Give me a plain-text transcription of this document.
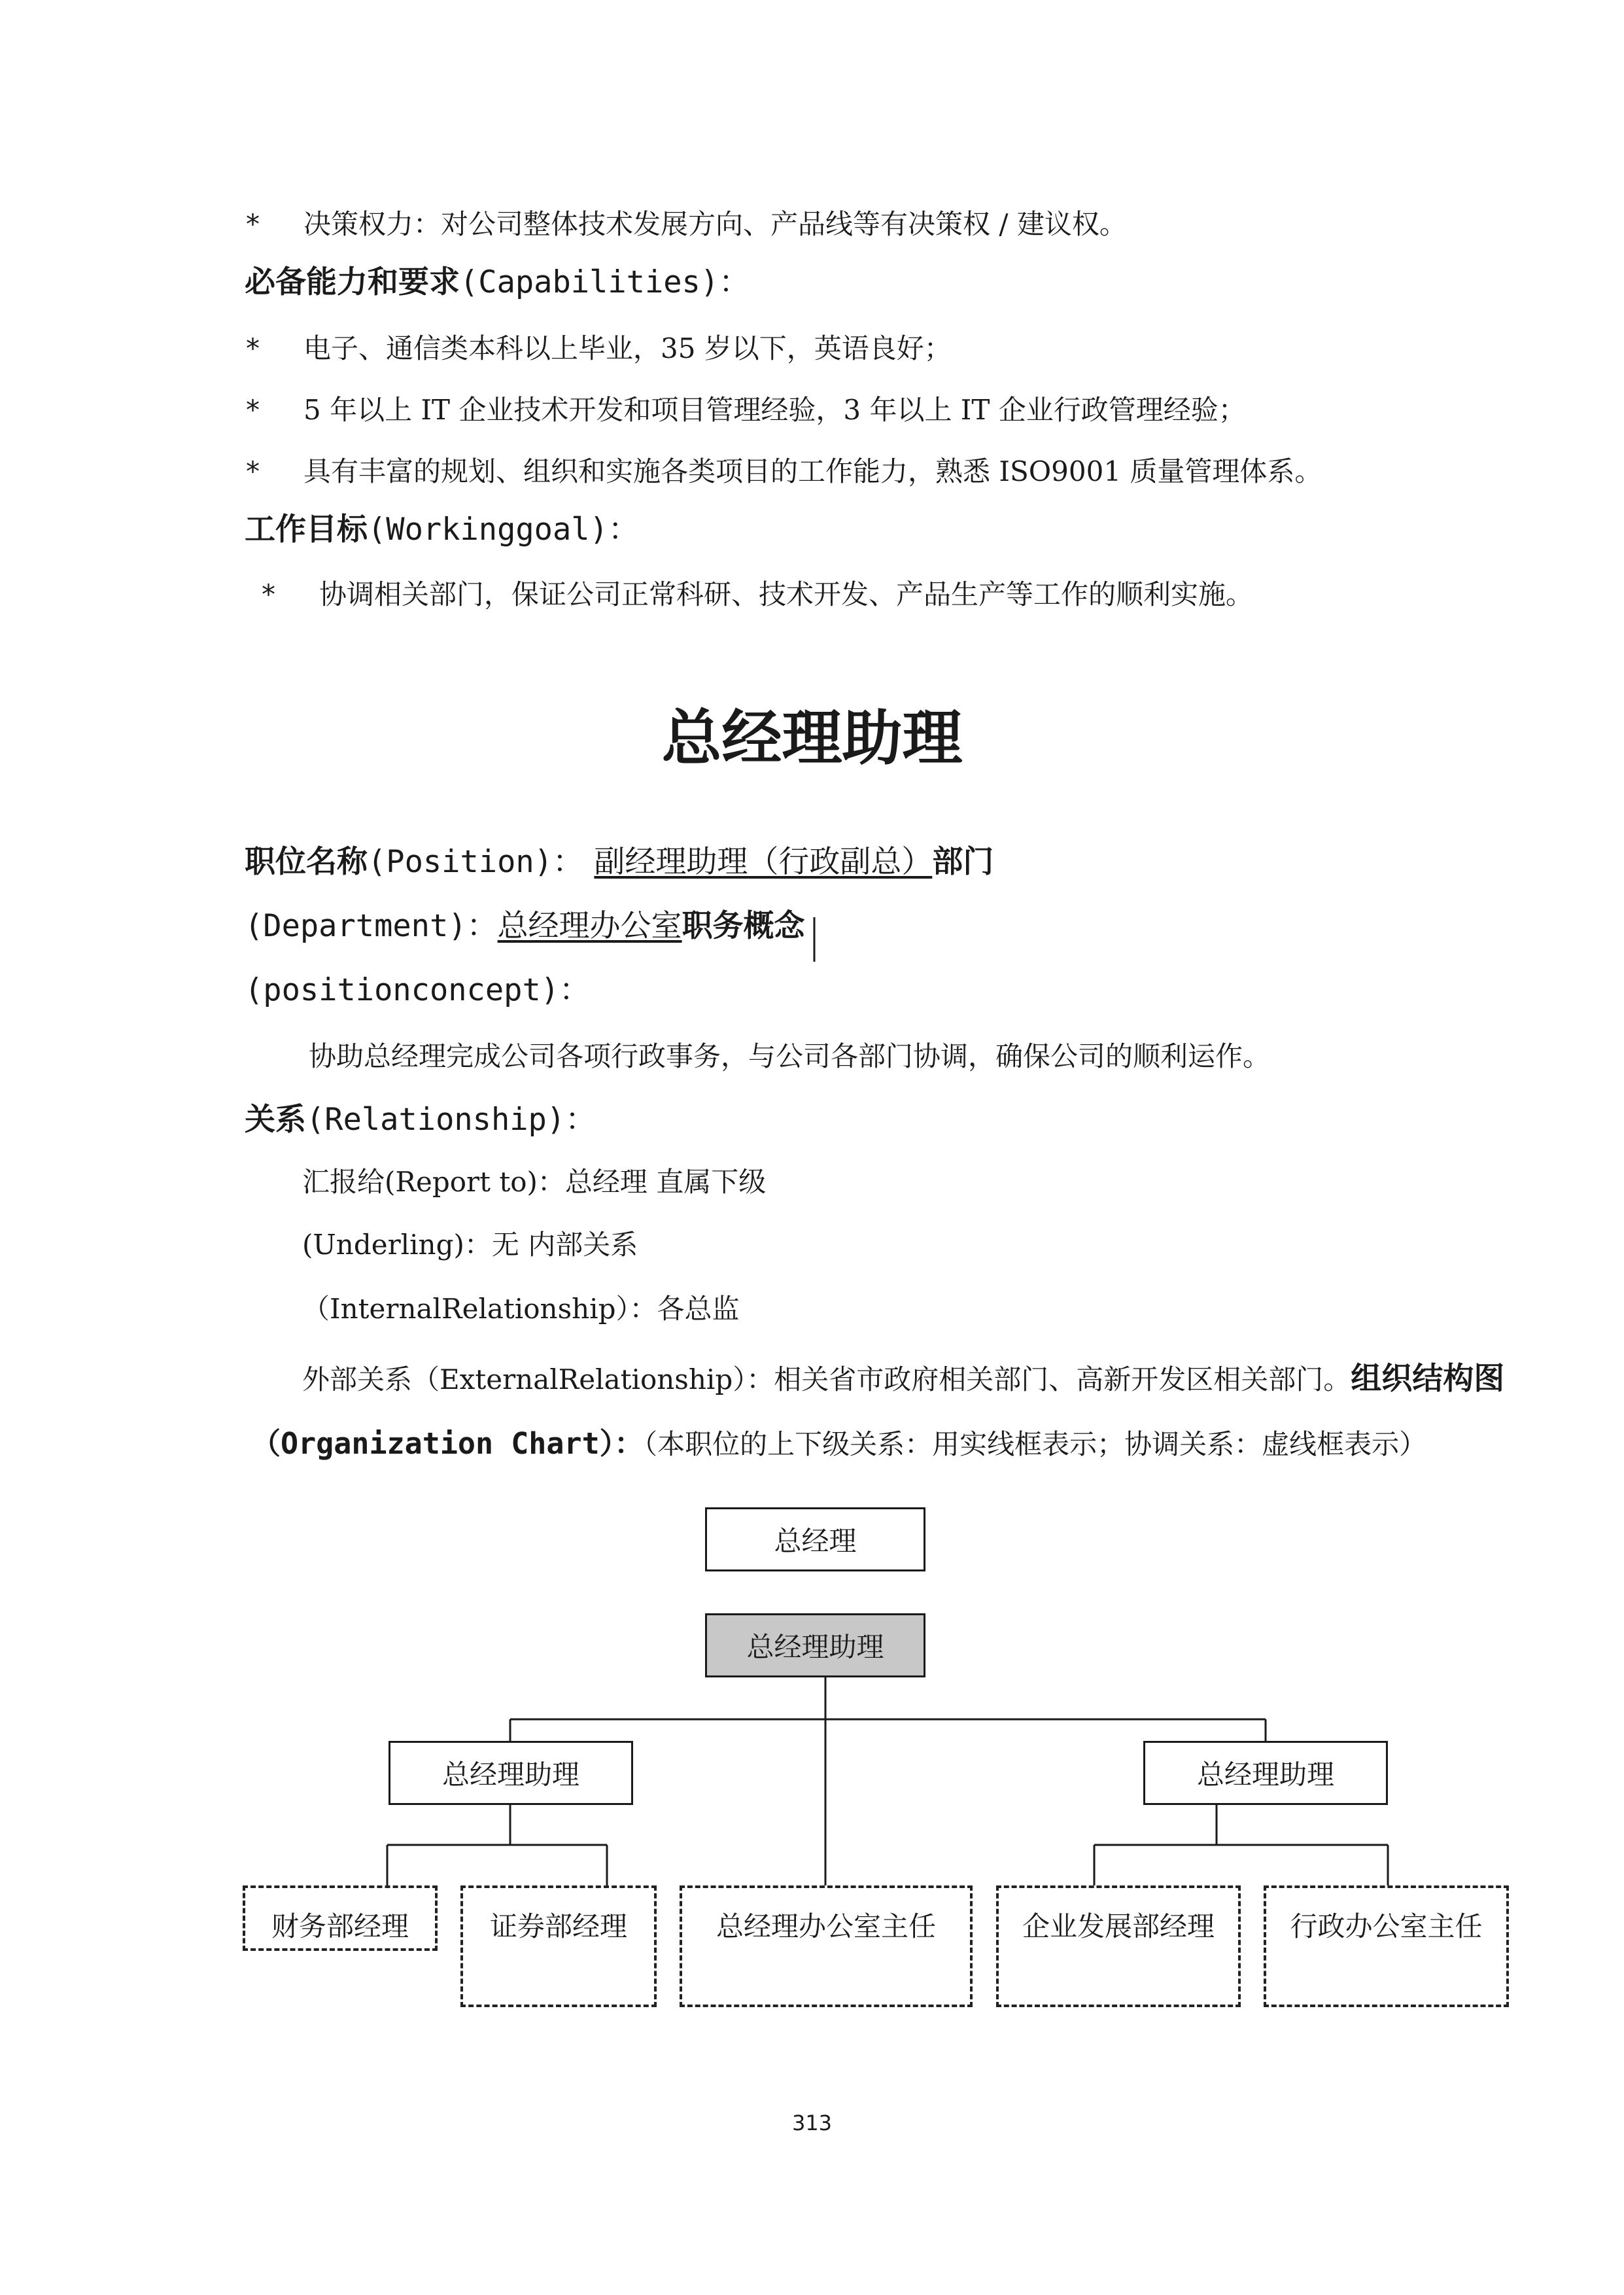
* 决策权力：对公司整体技术发展方向、产品线等有决策权 / 建议权。
必备能力和要求(Capabilities)：
* 电子、通信类本科以上毕业，35 岁以下，英语良好；
* 5 年以上 IT 企业技术开发和项目管理经验，3 年以上 IT 企业行政管理经验；
* 具有丰富的规划、组织和实施各类项目的工作能力，熟悉 ISO9001 质量管理体系。
工作目标(Workinggoal)：
* 协调相关部门，保证公司正常科研、技术开发、产品生产等工作的顺利实施。
总经理助理
职位名称(Position)： 副经理助理（行政副总）部门
(Department)：总经理办公室职务概念
(positionconcept)：
协助总经理完成公司各项行政事务，与公司各部门协调，确保公司的顺利运作。
关系(Relationship)：
汇报给(Report to)：总经理 直属下级
(Underling)：无 内部关系
（InternalRelationship）：各总监
外部关系（ExternalRelationship）：相关省市政府相关部门、高新开发区相关部门。组织结构图
（Organization Chart）：（本职位的上下级关系：用实线框表示；协调关系：虚线框表示）
总经理
总经理助理
总经理助理	总经理助理
财务部经理	证券部经理	总经理办公室主任	企业发展部经理	行政办公室主任
313
